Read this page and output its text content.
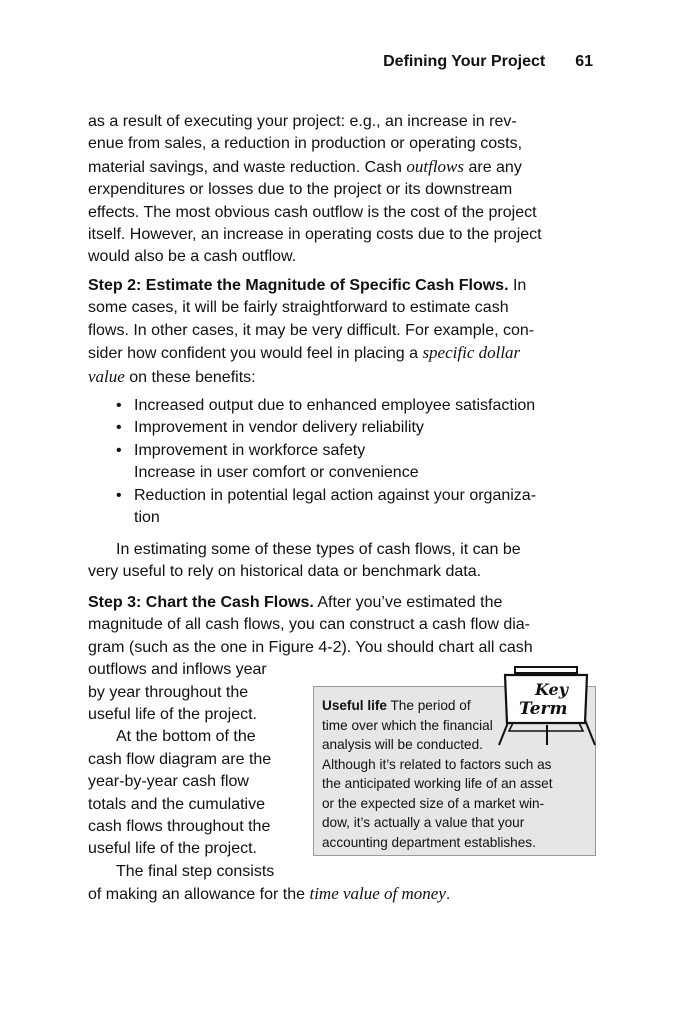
Defining Your Project 61
as a result of executing your project: e.g., an increase in rev-
enue from sales, a reduction in production or operating costs,
material savings, and waste reduction. Cash outflows are any
erxpenditures or losses due to the project or its downstream
effects. The most obvious cash outflow is the cost of the project
itself. However, an increase in operating costs due to the project
would also be a cash outflow.
Step 2: Estimate the Magnitude of Specific Cash Flows. In
some cases, it will be fairly straightforward to estimate cash
flows. In other cases, it may be very difficult. For example, con-
sider how confident you would feel in placing a specific dollar
value on these benefits:
• Increased output due to enhanced employee satisfaction
• Improvement in vendor delivery reliability
• Improvement in workforce safety
Increase in user comfort or convenience
• Reduction in potential legal action against your organiza-
tion
In estimating some of these types of cash flows, it can be
very useful to rely on historical data or benchmark data.
Step 3: Chart the Cash Flows. After you’ve estimated the
magnitude of all cash flows, you can construct a cash flow dia-
gram (such as the one in Figure 4-2). You should chart all cash
outflows and inflows year
by year throughout the
useful life of the project.
At the bottom of the
cash flow diagram are the
year-by-year cash flow
totals and the cumulative
cash flows throughout the
useful life of the project.
The final step consists
of making an allowance for the time value of money.
Useful life The period of
time over which the financial
analysis will be conducted.
Although it’s related to factors such as
the anticipated working life of an asset
or the expected size of a market win-
dow, it’s actually a value that your
accounting department establishes.
Key
Term
